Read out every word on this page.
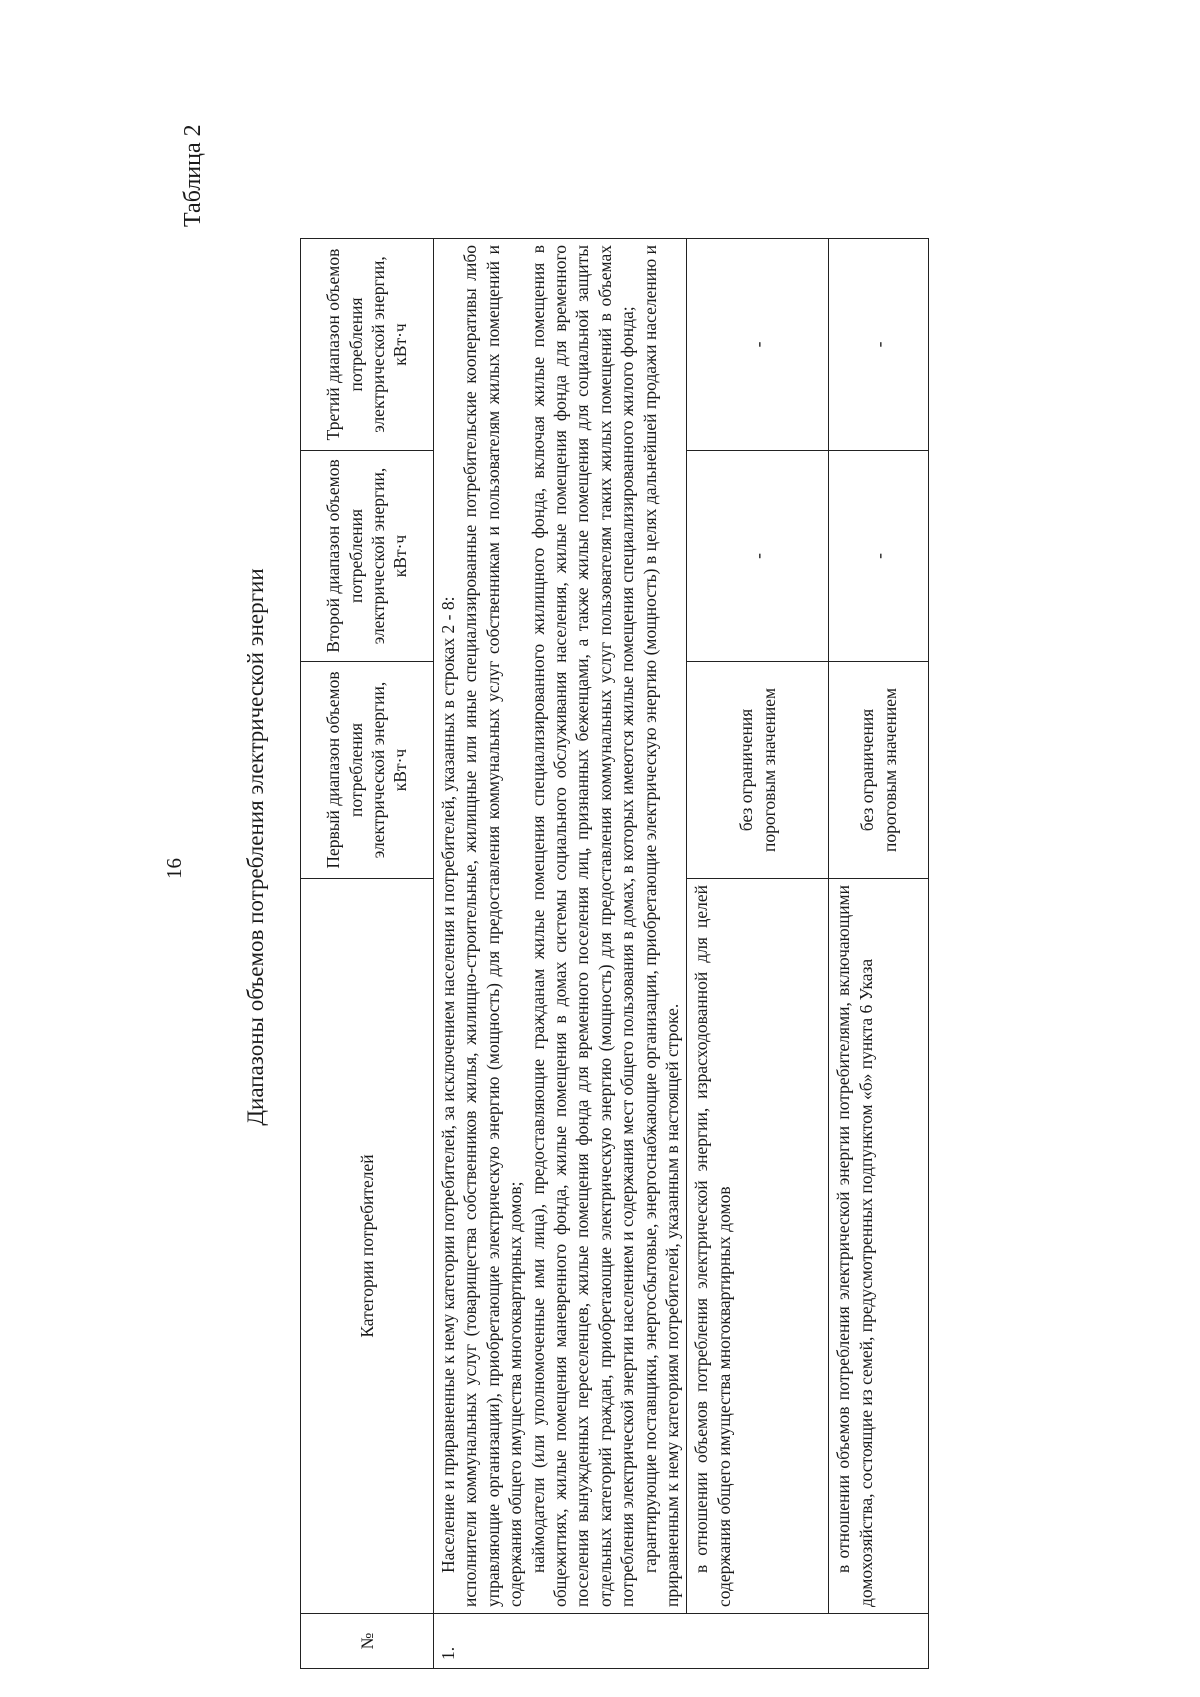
16
Таблица 2
Диапазоны объемов потребления электрической энергии
№	Категории потребителей	Первый диапазон объемов потребления электрической энергии, кВт·ч	Второй диапазон объемов потребления электрической энергии, кВт·ч	Третий диапазон объемов потребления электрической энергии, кВт·ч
1.	Население и приравненные к нему категории потребителей, за исключением населения и потребителей, указанных в строках 2 - 8: исполнители коммунальных услуг (товарищества собственников жилья, жилищно-строительные, жилищные или иные специализированные потребительские кооперативы либо управляющие организации), приобретающие электрическую энергию (мощность) для предоставления коммунальных услуг собственникам и пользователям жилых помещений и содержания общего имущества многоквартирных домов; наймодатели (или уполномоченные ими лица), предоставляющие гражданам жилые помещения специализированного жилищного фонда, включая жилые помещения в общежитиях, жилые помещения маневренного фонда, жилые помещения в домах системы социального обслуживания населения, жилые помещения фонда для временного поселения вынужденных переселенцев, жилые помещения фонда для временного поселения лиц, признанных беженцами, а также жилые помещения для социальной защиты отдельных категорий граждан, приобретающие электрическую энергию (мощность) для предоставления коммунальных услуг пользователям таких жилых помещений в объемах потребления электрической энергии населением и содержания мест общего пользования в домах, в которых имеются жилые помещения специализированного жилого фонда; гарантирующие поставщики, энергосбытовые, энергоснабжающие организации, приобретающие электрическую энергию (мощность) в целях дальнейшей продажи населению и приравненным к нему категориям потребителей, указанным в настоящей строке.			

	в отношении объемов потребления электрической энергии, израсходованной для целей содержания общего имущества многоквартирных домов	без ограничения пороговым значением	-	-

	в отношении объемов потребления электрической энергии потребителями, включающими домохозяйства, состоящие из семей, предусмотренных подпунктом «б» пункта 6 Указа	без ограничения пороговым значением	-	-
